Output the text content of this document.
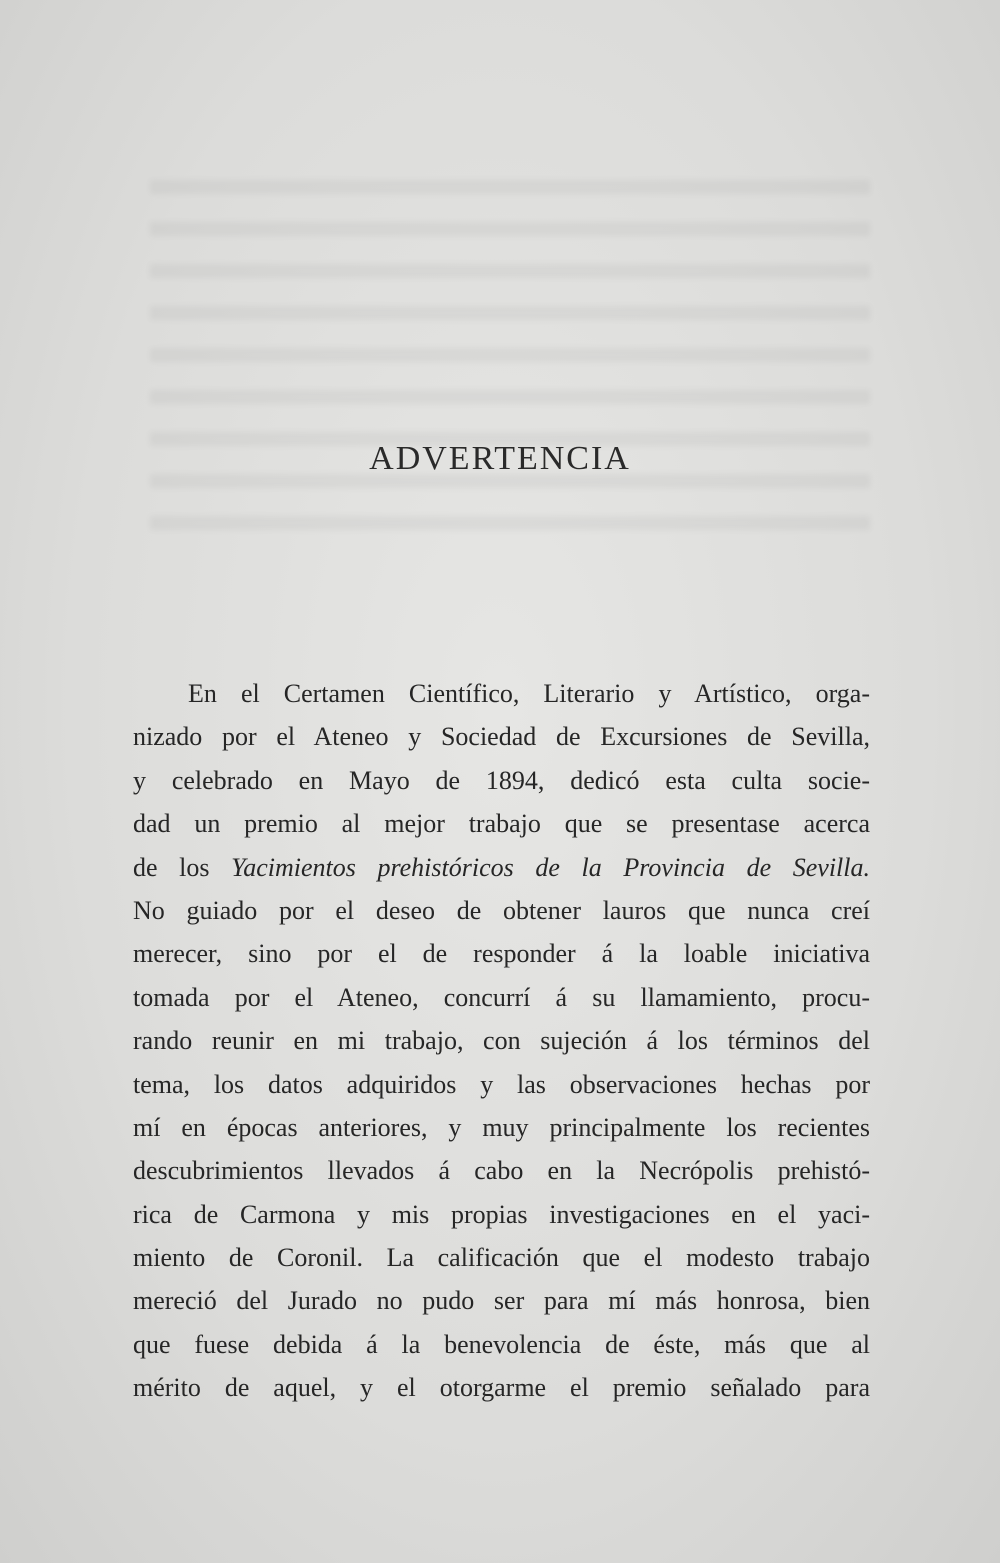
ADVERTENCIA
En el Certamen Científico, Literario y Artístico, orga-
nizado por el Ateneo y Sociedad de Excursiones de Sevilla,
y celebrado en Mayo de 1894, dedicó esta culta socie-
dad un premio al mejor trabajo que se presentase acerca
de los Yacimientos prehistóricos de la Provincia de Sevilla.
No guiado por el deseo de obtener lauros que nunca creí
merecer, sino por el de responder á la loable iniciativa
tomada por el Ateneo, concurrí á su llamamiento, procu-
rando reunir en mi trabajo, con sujeción á los términos del
tema, los datos adquiridos y las observaciones hechas por
mí en épocas anteriores, y muy principalmente los recientes
descubrimientos llevados á cabo en la Necrópolis prehistó-
rica de Carmona y mis propias investigaciones en el yaci-
miento de Coronil. La calificación que el modesto trabajo
mereció del Jurado no pudo ser para mí más honrosa, bien
que fuese debida á la benevolencia de éste, más que al
mérito de aquel, y el otorgarme el premio señalado para
